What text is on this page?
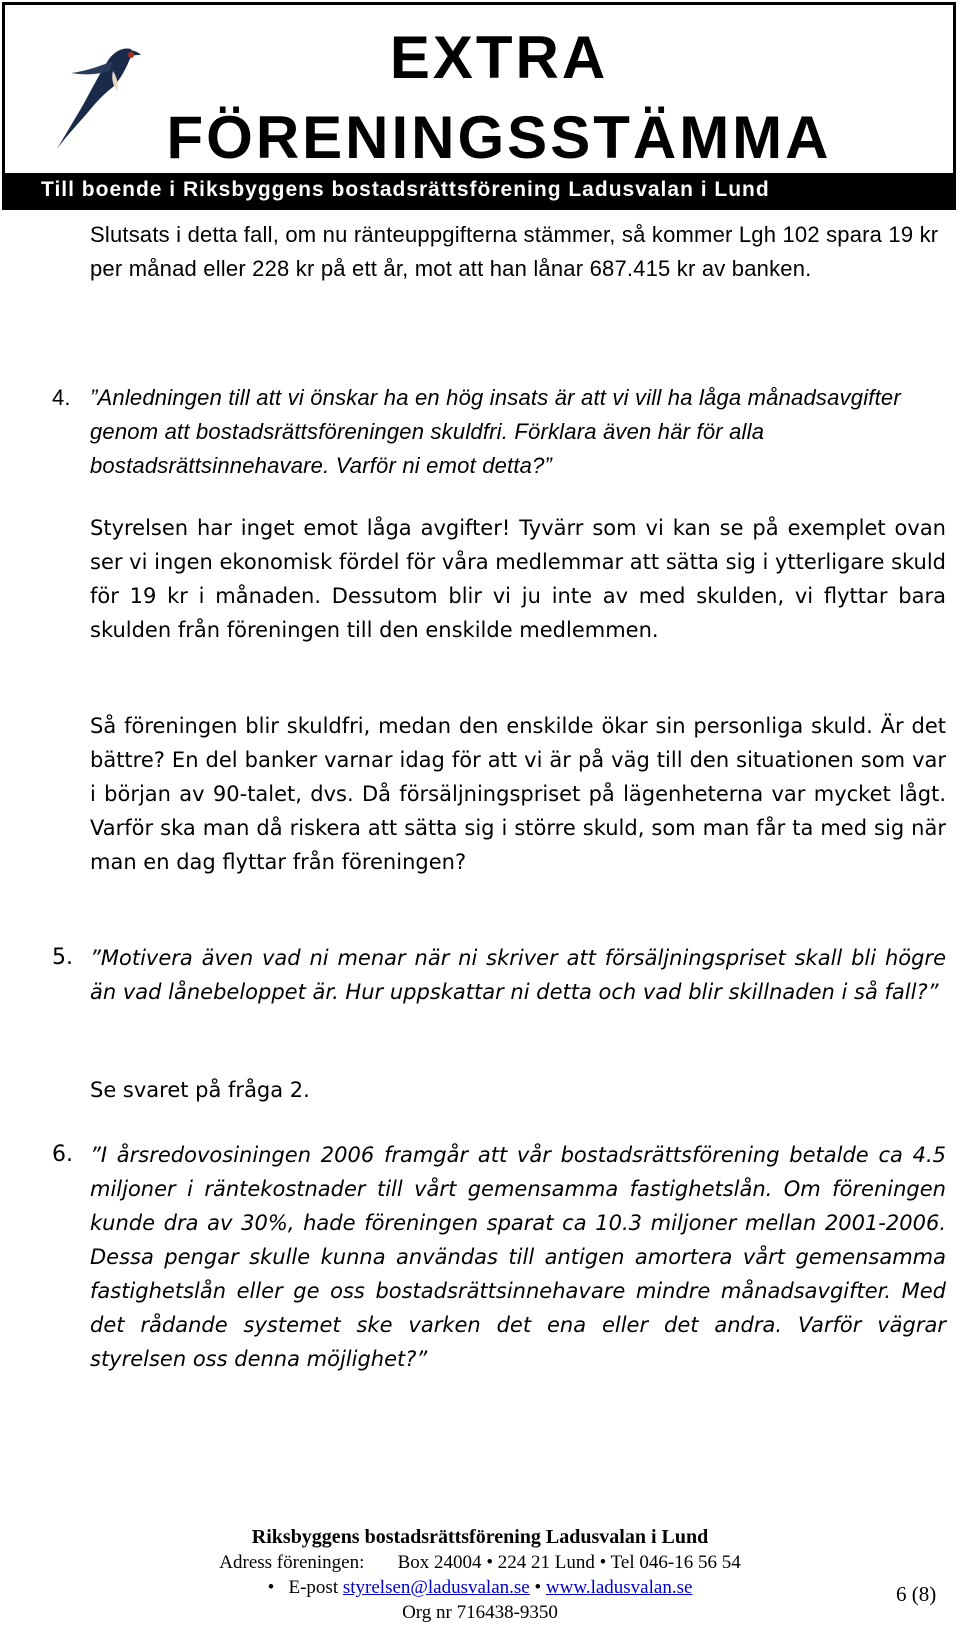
EXTRA
FÖRENINGSSTÄMMA
Till boende i Riksbyggens bostadsrättsförening Ladusvalan i Lund
Slutsats i detta fall, om nu ränteuppgifterna stämmer, så kommer Lgh 102 spara 19 kr per månad eller 228 kr på ett år, mot att han lånar 687.415 kr av banken.
4. ”Anledningen till att vi önskar ha en hög insats är att vi vill ha låga månadsavgifter genom att bostadsrättsföreningen skuldfri. Förklara även här för alla bostadsrättsinnehavare. Varför ni emot detta?”
Styrelsen har inget emot låga avgifter! Tyvärr som vi kan se på exemplet ovan ser vi ingen ekonomisk fördel för våra medlemmar att sätta sig i ytterligare skuld för 19 kr i månaden. Dessutom blir vi ju inte av med skulden, vi flyttar bara skulden från föreningen till den enskilde medlemmen.
Så föreningen blir skuldfri, medan den enskilde ökar sin personliga skuld. Är det bättre? En del banker varnar idag för att vi är på väg till den situationen som var i början av 90-talet, dvs. Då försäljningspriset på lägenheterna var mycket lågt. Varför ska man då riskera att sätta sig i större skuld, som man får ta med sig när man en dag flyttar från föreningen?
5. ”Motivera även vad ni menar när ni skriver att försäljningspriset skall bli högre än vad lånebeloppet är. Hur uppskattar ni detta och vad blir skillnaden i så fall?”
Se svaret på fråga 2.
6. ”I årsredovosiningen 2006 framgår att vår bostadsrättsförening betalde ca 4.5 miljoner i räntekostnader till vårt gemensamma fastighetslån. Om föreningen kunde dra av 30%, hade föreningen sparat ca 10.3 miljoner mellan 2001-2006. Dessa pengar skulle kunna användas till antigen amortera vårt gemensamma fastighetslån eller ge oss bostadsrättsinnehavare mindre månadsavgifter. Med det rådande systemet ske varken det ena eller det andra. Varför vägrar styrelsen oss denna möjlighet?”
Riksbyggens bostadsrättsförening Ladusvalan i Lund
Adress föreningen: Box 24004 • 224 21 Lund • Tel 046-16 56 54
•   E-post styrelsen@ladusvalan.se • www.ladusvalan.se
Org nr 716438-9350
6 (8)
